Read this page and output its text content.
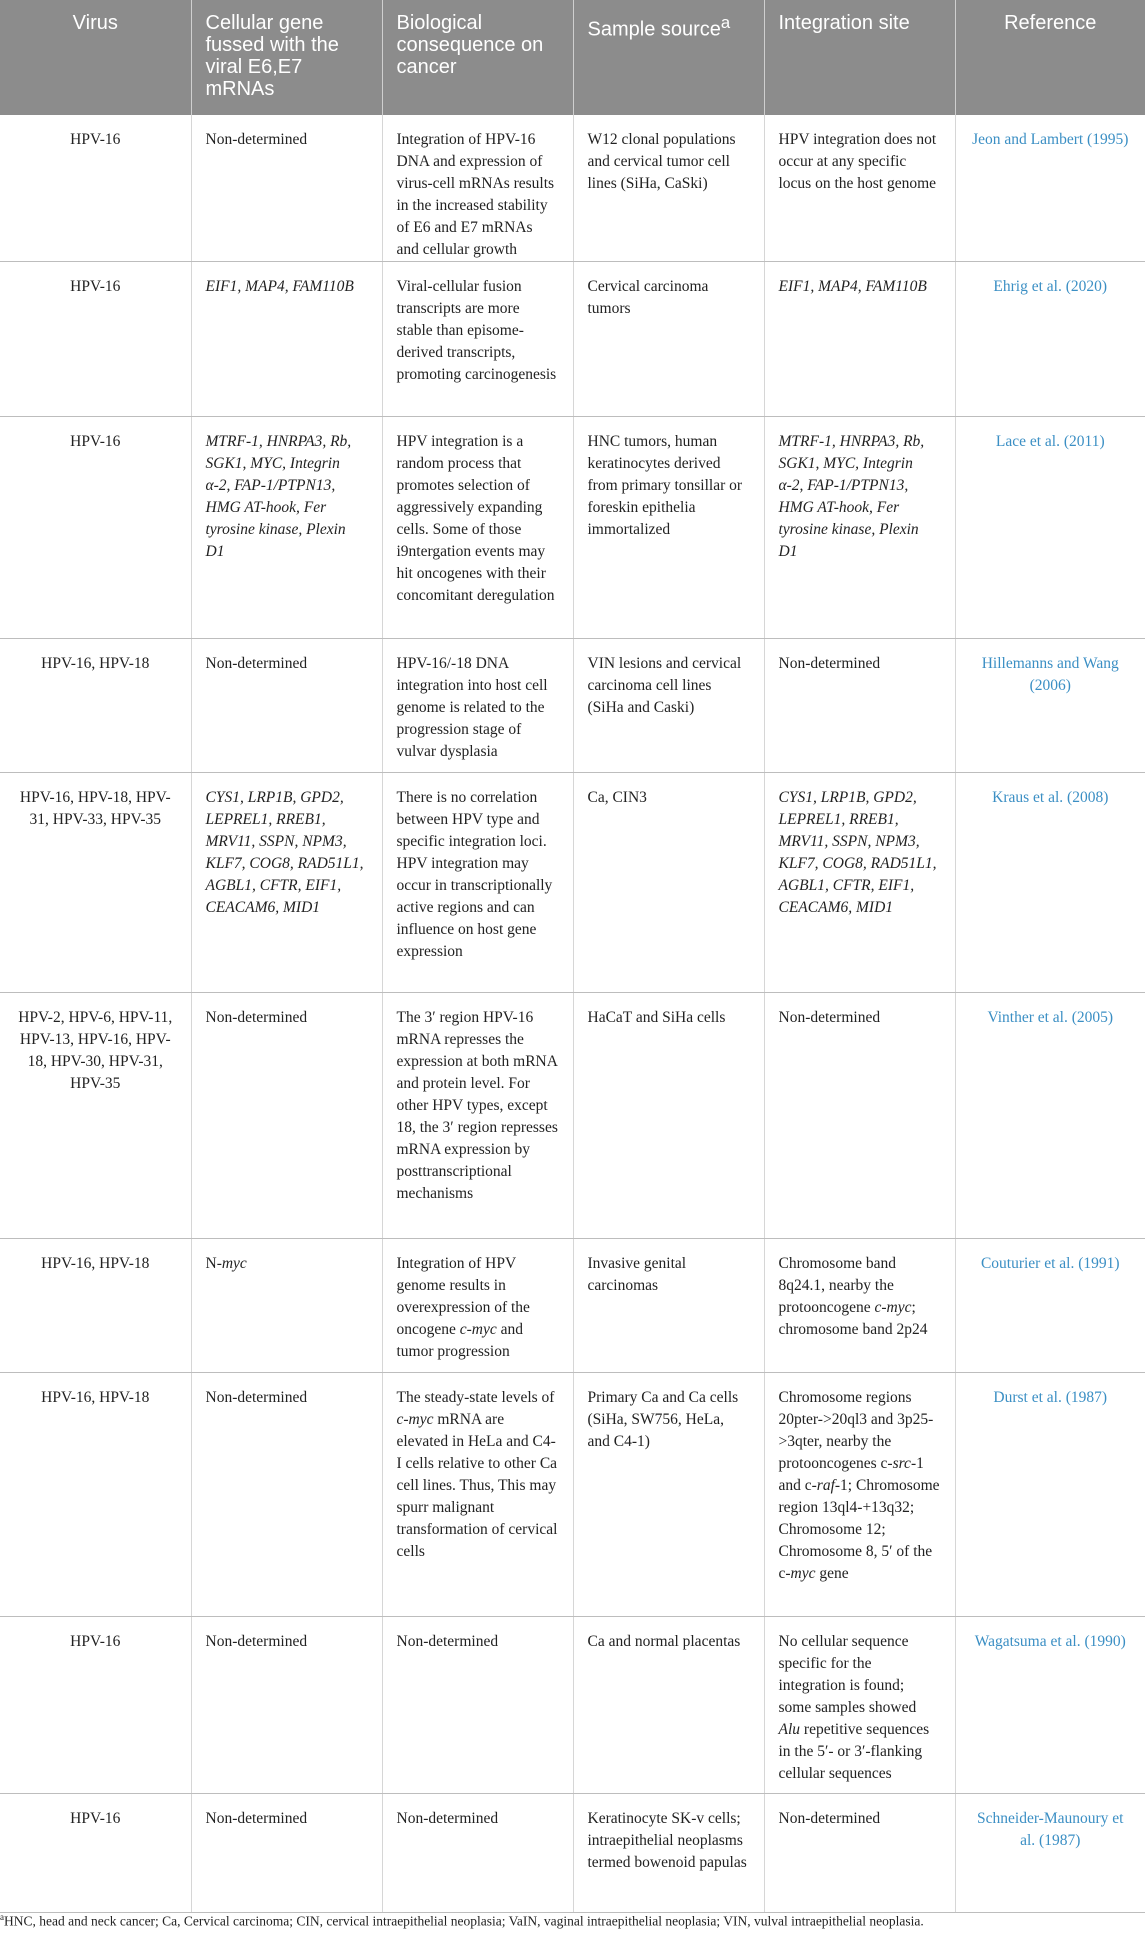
Virus	Cellular gene fussed with the viral E6,E7 mRNAs	Biological consequence on cancer	Sample source$^a$	Integration site	Reference
HPV-16	Non-determined	Integration of HPV-16 DNA and expression of virus-cell mRNAs results in the increased stability of E6 and E7 mRNAs and cellular growth	W12 clonal populations and cervical tumor cell lines (SiHa, CaSki)	HPV integration does not occur at any specific locus on the host genome	Jeon and Lambert (1995)
HPV-16	EIF1, MAP4, FAM110B	Viral-cellular fusion transcripts are more stable than episome-derived transcripts, promoting carcinogenesis	Cervical carcinoma tumors	EIF1, MAP4, FAM110B	Ehrig et al. (2020)
HPV-16	MTRF-1, HNRPA3, Rb, SGK1, MYC, Integrin α-2, FAP-1/PTPN13, HMG AT-hook, Fer tyrosine kinase, Plexin D1	HPV integration is a random process that promotes selection of aggressively expanding cells. Some of those i9ntergation events may hit oncogenes with their concomitant deregulation	HNC tumors, human keratinocytes derived from primary tonsillar or foreskin epithelia immortalized	MTRF-1, HNRPA3, Rb, SGK1, MYC, Integrin α-2, FAP-1/PTPN13, HMG AT-hook, Fer tyrosine kinase, Plexin D1	Lace et al. (2011)
HPV-16, HPV-18	Non-determined	HPV-16/-18 DNA integration into host cell genome is related to the progression stage of vulvar dysplasia	VIN lesions and cervical carcinoma cell lines (SiHa and Caski)	Non-determined	Hillemanns and Wang (2006)
HPV-16, HPV-18, HPV-31, HPV-33, HPV-35	CYS1, LRP1B, GPD2, LEPREL1, RREB1, MRV11, SSPN, NPM3, KLF7, COG8, RAD51L1, AGBL1, CFTR, EIF1, CEACAM6, MID1	There is no correlation between HPV type and specific integration loci. HPV integration may occur in transcriptionally active regions and can influence on host gene expression	Ca, CIN3	CYS1, LRP1B, GPD2, LEPREL1, RREB1, MRV11, SSPN, NPM3, KLF7, COG8, RAD51L1, AGBL1, CFTR, EIF1, CEACAM6, MID1	Kraus et al. (2008)
HPV-2, HPV-6, HPV-11, HPV-13, HPV-16, HPV-18, HPV-30, HPV-31, HPV-35	Non-determined	The 3′ region HPV-16 mRNA represses the expression at both mRNA and protein level. For other HPV types, except 18, the 3′ region represses mRNA expression by posttranscriptional mechanisms	HaCaT and SiHa cells	Non-determined	Vinther et al. (2005)
HPV-16, HPV-18	N-myc	Integration of HPV genome results in overexpression of the oncogene c-myc and tumor progression	Invasive genital carcinomas	Chromosome band 8q24.1, nearby the protooncogene c-myc; chromosome band 2p24	Couturier et al. (1991)
HPV-16, HPV-18	Non-determined	The steady-state levels of c-myc mRNA are elevated in HeLa and C4-I cells relative to other Ca cell lines. Thus, This may spurr malignant transformation of cervical cells	Primary Ca and Ca cells (SiHa, SW756, HeLa, and C4-1)	Chromosome regions 20pter->20ql3 and 3p25->3qter, nearby the protooncogenes c-src-1 and c-raf-1; Chromosome region 13ql4-+13q32; Chromosome 12; Chromosome 8, 5′ of the c-myc gene	Durst et al. (1987)
HPV-16	Non-determined	Non-determined	Ca and normal placentas	No cellular sequence specific for the integration is found; some samples showed Alu repetitive sequences in the 5′- or 3′-flanking cellular sequences	Wagatsuma et al. (1990)
HPV-16	Non-determined	Non-determined	Keratinocyte SK-v cells; intraepithelial neoplasms termed bowenoid papulas	Non-determined	Schneider-Maunoury et al. (1987)
$^a$HNC, head and neck cancer; Ca, Cervical carcinoma; CIN, cervical intraepithelial neoplasia; VaIN, vaginal intraepithelial neoplasia; VIN, vulval intraepithelial neoplasia.
